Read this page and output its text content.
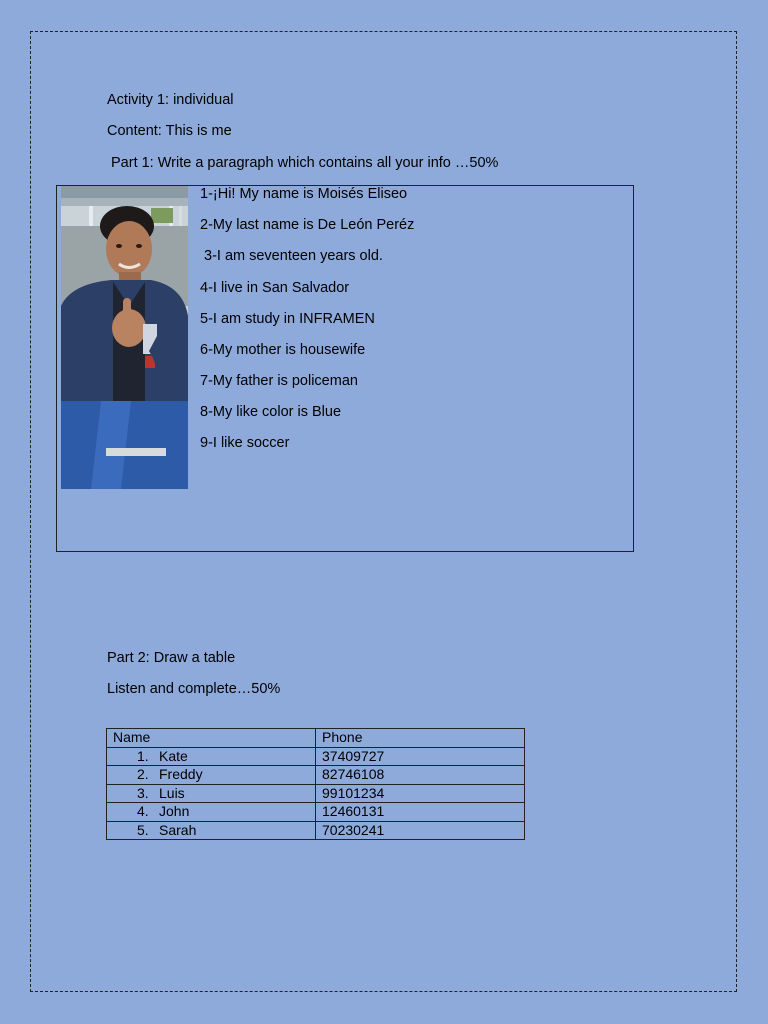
Activity 1: individual
Content: This is me
Part 1: Write a paragraph which contains all your info …50%
1-¡Hi! My name is Moisés Eliseo
2-My last name is De León Peréz
3-I am seventeen years old.
4-I live in San Salvador
5-I am study in INFRAMEN
6-My mother is housewife
7-My father is policeman
8-My like color is Blue
9-I like soccer
Part 2: Draw a table
Listen and complete…50%
Name	Phone
1. Kate	37409727
2. Freddy	82746108
3. Luis	99101234
4. John	12460131
5. Sarah	70230241
